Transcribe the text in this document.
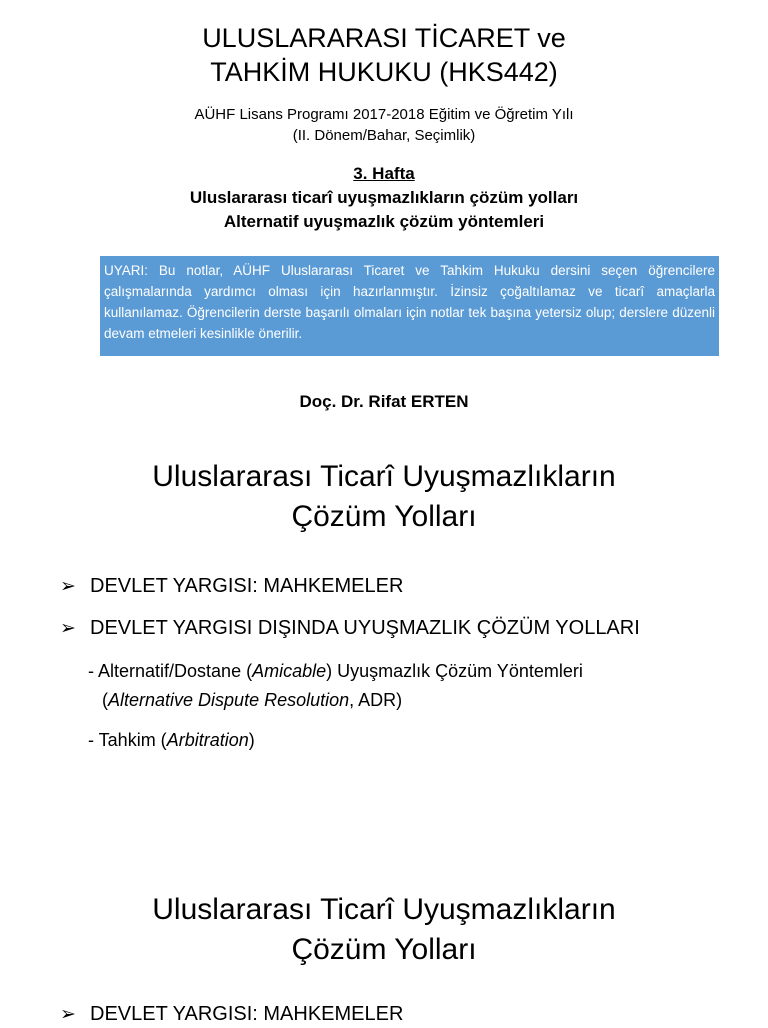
ULUSLARARASI TİCARET ve
TAHKİM HUKUKU (HKS442)
AÜHF Lisans Programı 2017-2018 Eğitim ve Öğretim Yılı
(II. Dönem/Bahar, Seçimlik)
3. Hafta
Uluslararası ticarî uyuşmazlıkların çözüm yolları
Alternatif uyuşmazlık çözüm yöntemleri
UYARI: Bu notlar, AÜHF Uluslararası Ticaret ve Tahkim Hukuku dersini seçen öğrencilere çalışmalarında yardımcı olması için hazırlanmıştır. İzinsiz çoğaltılamaz ve ticarî amaçlarla kullanılamaz. Öğrencilerin derste başarılı olmaları için notlar tek başına yetersiz olup; derslere düzenli devam etmeleri kesinlikle önerilir.
Doç. Dr. Rifat ERTEN
Uluslararası Ticarî Uyuşmazlıkların
Çözüm Yolları
➢ DEVLET YARGISI: MAHKEMELER
➢ DEVLET YARGISI DIŞINDA UYUŞMAZLIK ÇÖZÜM YOLLARI
- Alternatif/Dostane (Amicable) Uyuşmazlık Çözüm Yöntemleri
(Alternative Dispute Resolution, ADR)
- Tahkim (Arbitration)
Uluslararası Ticarî Uyuşmazlıkların
Çözüm Yolları
➢ DEVLET YARGISI: MAHKEMELER
